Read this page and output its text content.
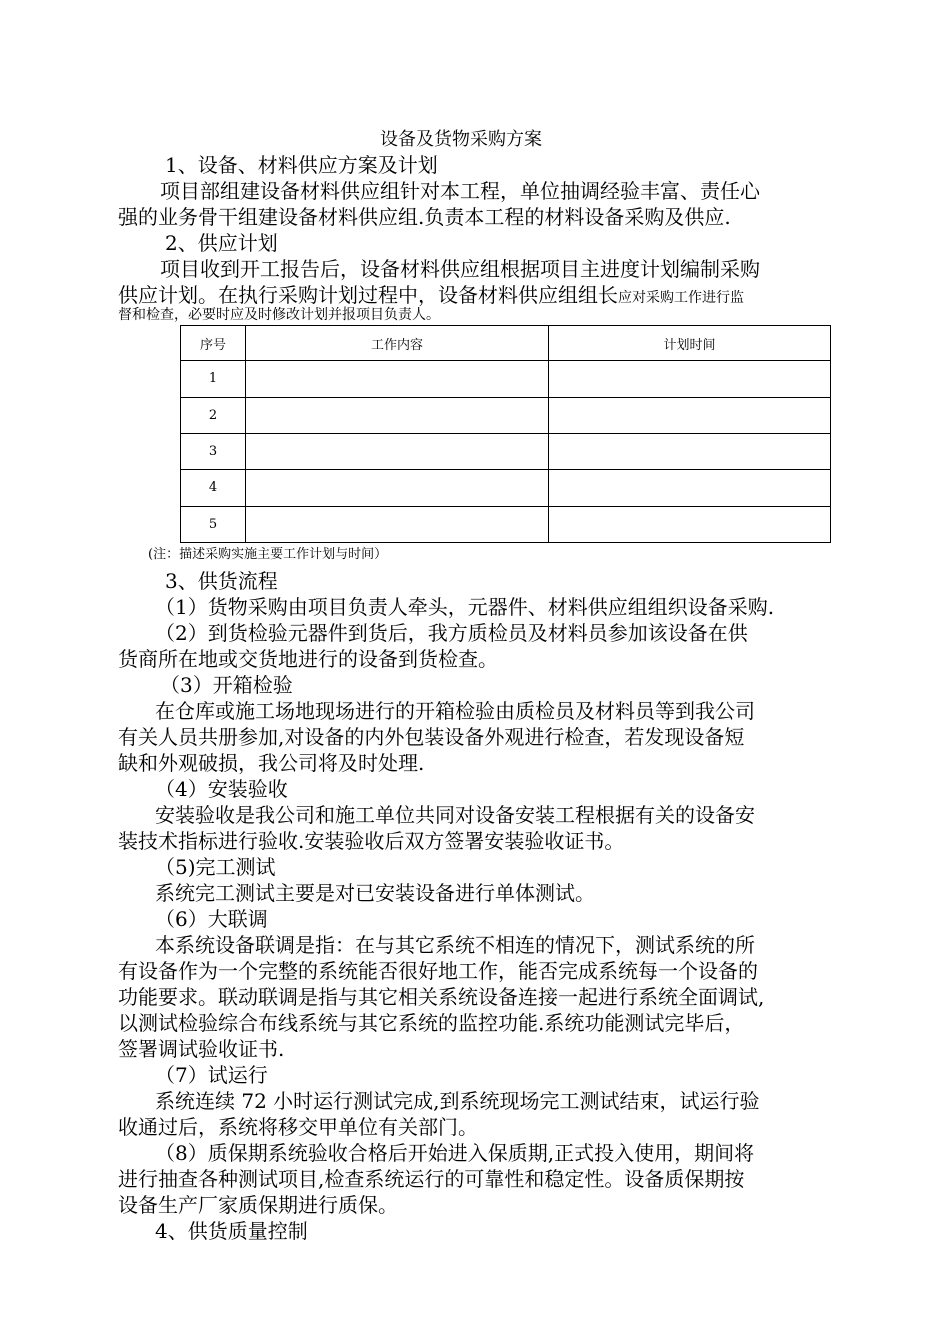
设备及货物采购方案
1、设备、材料供应方案及计划
项目部组建设备材料供应组针对本工程，单位抽调经验丰富、责任心
强的业务骨干组建设备材料供应组.负责本工程的材料设备采购及供应.
2、供应计划
项目收到开工报告后，设备材料供应组根据项目主进度计划编制采购
供应计划。在执行采购计划过程中，设备材料供应组组长应对采购工作进行监
督和检查，必要时应及时修改计划并报项目负责人。
序号	工作内容	计划时间
1		
2		
3		
4		
5		
(注：描述采购实施主要工作计划与时间）
3、供货流程
（1）货物采购由项目负责人牵头，元器件、材料供应组组织设备采购.
（2）到货检验元器件到货后，我方质检员及材料员参加该设备在供
货商所在地或交货地进行的设备到货检查。
（3）开箱检验
在仓库或施工场地现场进行的开箱检验由质检员及材料员等到我公司
有关人员共册参加,对设备的内外包装设备外观进行检查，若发现设备短
缺和外观破损，我公司将及时处理.
（4）安装验收
安装验收是我公司和施工单位共同对设备安装工程根据有关的设备安
装技术指标进行验收.安装验收后双方签署安装验收证书。
（5)完工测试
系统完工测试主要是对已安装设备进行单体测试。
（6）大联调
本系统设备联调是指：在与其它系统不相连的情况下，测试系统的所
有设备作为一个完整的系统能否很好地工作，能否完成系统每一个设备的
功能要求。联动联调是指与其它相关系统设备连接一起进行系统全面调试,
以测试检验综合布线系统与其它系统的监控功能.系统功能测试完毕后，
签署调试验收证书.
（7）试运行
系统连续 72 小时运行测试完成,到系统现场完工测试结束，试运行验
收通过后，系统将移交甲单位有关部门。
（8）质保期系统验收合格后开始进入保质期,正式投入使用，期间将
进行抽查各种测试项目,检查系统运行的可靠性和稳定性。设备质保期按
设备生产厂家质保期进行质保。
4、供货质量控制
